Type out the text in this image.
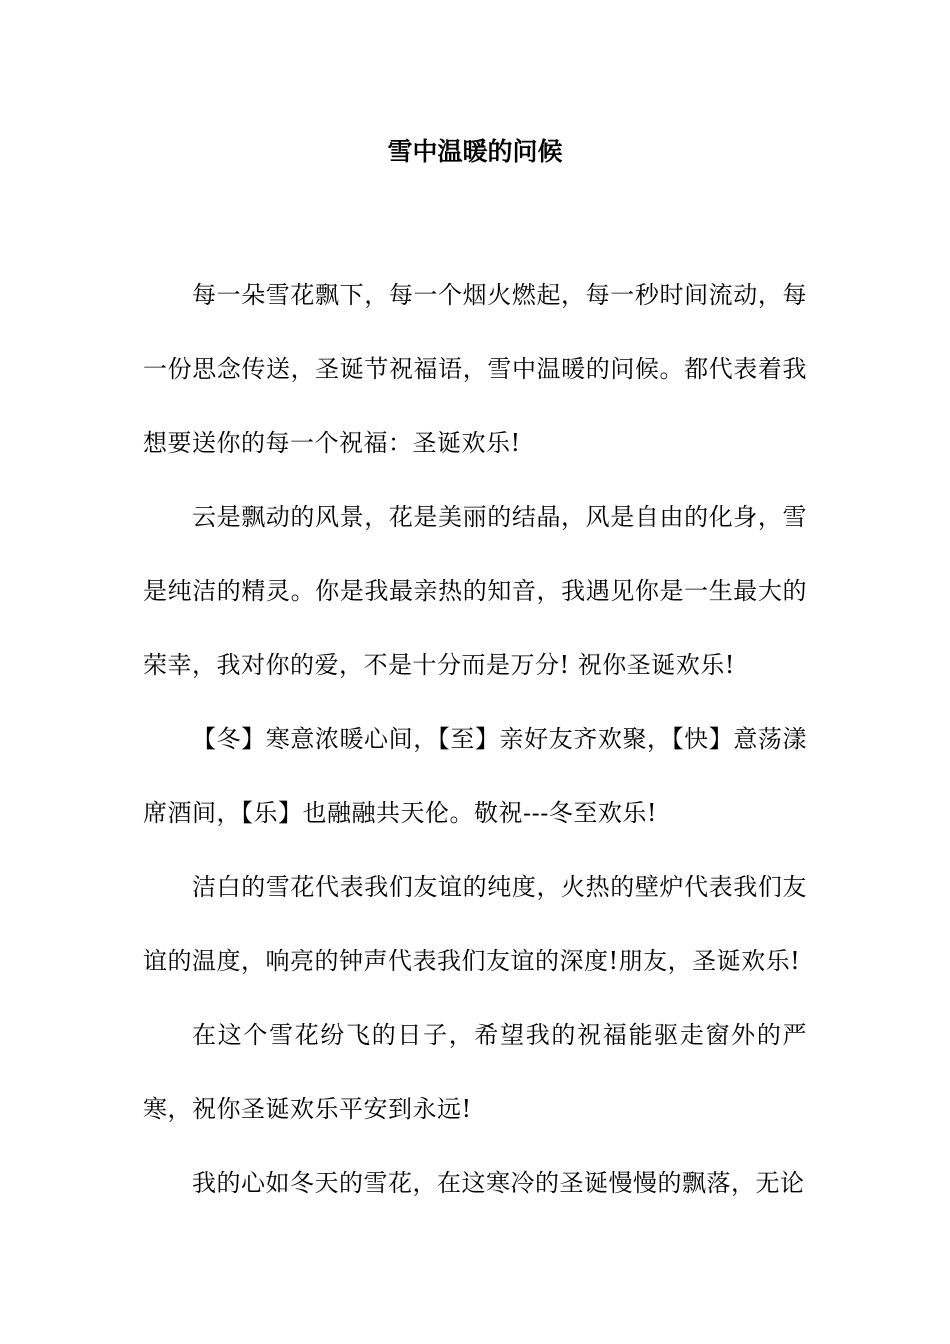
雪中温暖的问候

每一朵雪花飘下，每一个烟火燃起，每一秒时间流动，每一份思念传送，圣诞节祝福语，雪中温暖的问候。都代表着我想要送你的每一个祝福：圣诞欢乐!

云是飘动的风景，花是美丽的结晶，风是自由的化身，雪是纯洁的精灵。你是我最亲热的知音，我遇见你是一生最大的荣幸，我对你的爱，不是十分而是万分! 祝你圣诞欢乐!

【冬】寒意浓暖心间，【至】亲好友齐欢聚，【快】意荡漾席酒间，【乐】也融融共天伦。敬祝---冬至欢乐!

洁白的雪花代表我们友谊的纯度，火热的壁炉代表我们友谊的温度，响亮的钟声代表我们友谊的深度!朋友，圣诞欢乐!

在这个雪花纷飞的日子，希望我的祝福能驱走窗外的严寒，祝你圣诞欢乐平安到永远!

我的心如冬天的雪花，在这寒冷的圣诞慢慢的飘落，无论
